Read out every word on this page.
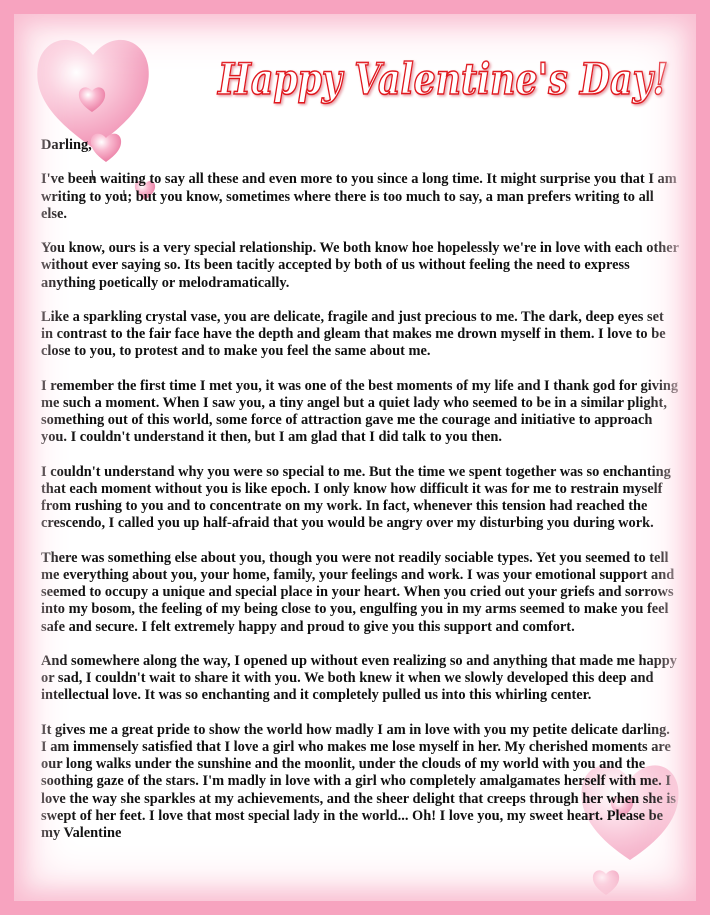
Happy Valentine's Day!

Darling,

I've been waiting to say all these and even more to you since a long time. It might surprise you that I am writing to you; but you know, sometimes where there is too much to say, a man prefers writing to all else.

You know, ours is a very special relationship. We both know hoe hopelessly we're in love with each other without ever saying so. Its been tacitly accepted by both of us without feeling the need to express anything poetically or melodramatically.

Like a sparkling crystal vase, you are delicate, fragile and just precious to me. The dark, deep eyes set in contrast to the fair face have the depth and gleam that makes me drown myself in them. I love to be close to you, to protest and to make you feel the same about me.

I remember the first time I met you, it was one of the best moments of my life and I thank god for giving me such a moment. When I saw you, a tiny angel but a quiet lady who seemed to be in a similar plight, something out of this world, some force of attraction gave me the courage and initiative to approach you. I couldn't understand it then, but I am glad that I did talk to you then.

I couldn't understand why you were so special to me. But the time we spent together was so enchanting that each moment without you is like epoch. I only know how difficult it was for me to restrain myself from rushing to you and to concentrate on my work. In fact, whenever this tension had reached the crescendo, I called you up half-afraid that you would be angry over my disturbing you during work.

There was something else about you, though you were not readily sociable types. Yet you seemed to tell me everything about you, your home, family, your feelings and work. I was your emotional support and seemed to occupy a unique and special place in your heart. When you cried out your griefs and sorrows into my bosom, the feeling of my being close to you, engulfing you in my arms seemed to make you feel safe and secure. I felt extremely happy and proud to give you this support and comfort.

And somewhere along the way, I opened up without even realizing so and anything that made me happy or sad, I couldn't wait to share it with you. We both knew it when we slowly developed this deep and intellectual love. It was so enchanting and it completely pulled us into this whirling center.

It gives me a great pride to show the world how madly I am in love with you my petite delicate darling. I am immensely satisfied that I love a girl who makes me lose myself in her. My cherished moments are our long walks under the sunshine and the moonlit, under the clouds of my world with you and the soothing gaze of the stars. I'm madly in love with a girl who completely amalgamates herself with me. I love the way she sparkles at my achievements, and the sheer delight that creeps through her when she is swept of her feet. I love that most special lady in the world... Oh! I love you, my sweet heart. Please be my Valentine
